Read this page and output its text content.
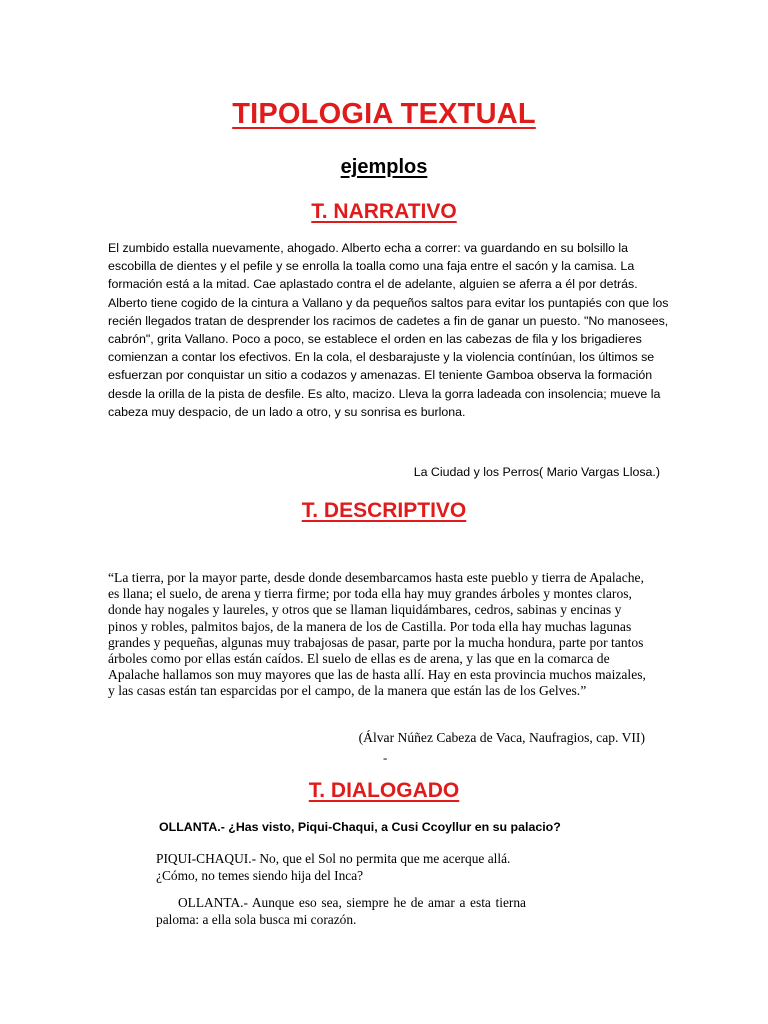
TIPOLOGIA TEXTUAL
ejemplos
T. NARRATIVO

El zumbido estalla nuevamente, ahogado. Alberto echa a correr: va guardando en su bolsillo la escobilla de dientes y el pefile y se enrolla la toalla como una faja entre el sacón y la camisa. La formación está a la mitad. Cae aplastado contra el de adelante, alguien se aferra a él por detrás. Alberto tiene cogido de la cintura a Vallano y da pequeños saltos para evitar los puntapiés con que los recién llegados tratan de desprender los racimos de cadetes a fin de ganar un puesto. "No manosees, cabrón", grita Vallano. Poco a poco, se establece el orden en las cabezas de fila y los brigadieres comienzan a contar los efectivos. En la cola, el desbarajuste y la violencia contínúan, los últimos se esfuerzan por conquistar un sitio a codazos y amenazas. El teniente Gamboa observa la formación desde la orilla de la pista de desfile. Es alto, macizo. Lleva la gorra ladeada con insolencia; mueve la cabeza muy despacio, de un lado a otro, y su sonrisa es burlona.

La Ciudad y los Perros( Mario Vargas Llosa.)

T. DESCRIPTIVO

“La tierra, por la mayor parte, desde donde desembarcamos hasta este pueblo y tierra de Apalache, es llana; el suelo, de arena y tierra firme; por toda ella hay muy grandes árboles y montes claros, donde hay nogales y laureles, y otros que se llaman liquidámbares, cedros, sabinas y encinas y pinos y robles, palmitos bajos, de la manera de los de Castilla. Por toda ella hay muchas lagunas grandes y pequeñas, algunas muy trabajosas de pasar, parte por la mucha hondura, parte por tantos árboles como por ellas están caídos. El suelo de ellas es de arena, y las que en la comarca de Apalache hallamos son muy mayores que las de hasta allí. Hay en esta provincia muchos maizales, y las casas están tan esparcidas por el campo, de la manera que están las de los Gelves.”

(Álvar Núñez Cabeza de Vaca, Naufragios, cap. VII)

-

T. DIALOGADO

OLLANTA.- ¿Has visto, Piqui-Chaqui, a Cusi Ccoyllur en su palacio?

PIQUI-CHAQUI.- No, que el Sol no permita que me acerque allá. ¿Cómo, no temes siendo hija del Inca?

OLLANTA.- Aunque eso sea, siempre he de amar a esta tierna paloma: a ella sola busca mi corazón.
